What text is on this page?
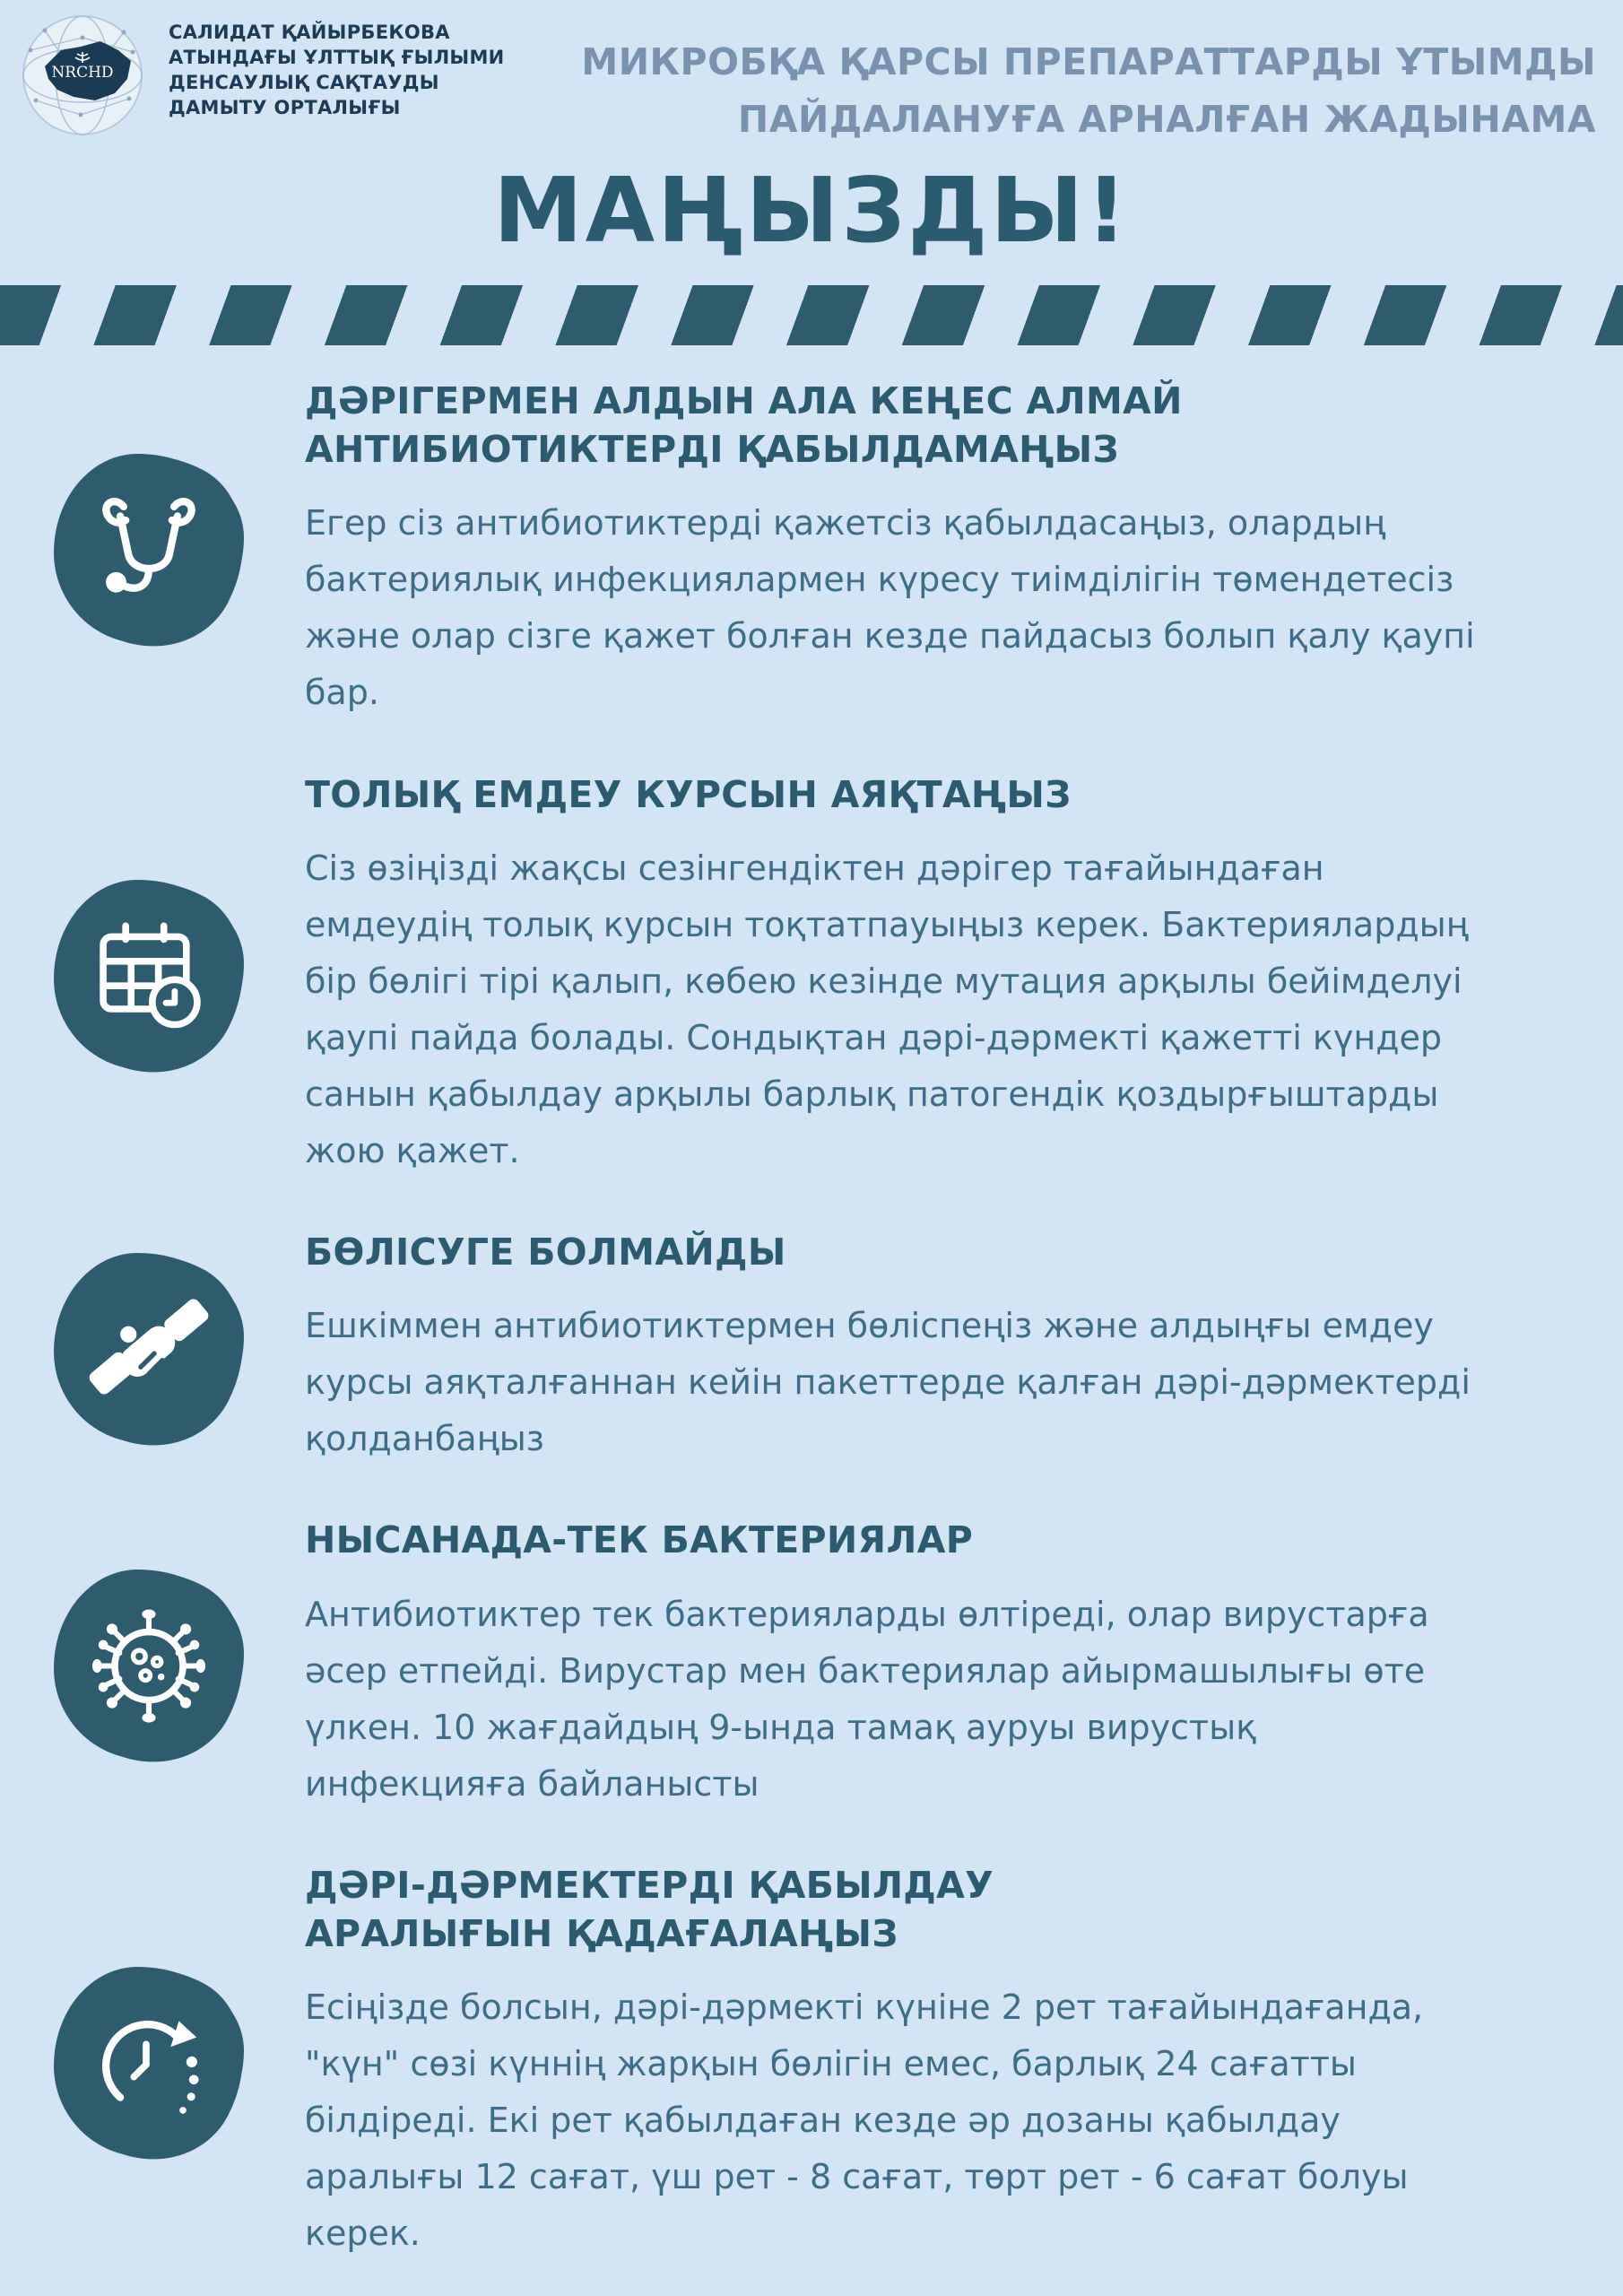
NRCHD
САЛИДАТ ҚАЙЫРБЕКОВА
АТЫНДАҒЫ ҰЛТТЫҚ ҒЫЛЫМИ
ДЕНСАУЛЫҚ САҚТАУДЫ
ДАМЫТУ ОРТАЛЫҒЫ
МИКРОБҚА ҚАРСЫ ПРЕПАРАТТАРДЫ ҰТЫМДЫ
ПАЙДАЛАНУҒА АРНАЛҒАН ЖАДЫНАМА
МАҢЫЗДЫ!
ДӘРІГЕРМЕН АЛДЫН АЛА КЕҢЕС АЛМАЙ АНТИБИОТИКТЕРДІ ҚАБЫЛДАМАҢЫЗ

Егер сіз антибиотиктерді қажетсіз қабылдасаңыз, олардың бактериялық инфекциялармен күресу тиімділігін төмендетесіз және олар сізге қажет болған кезде пайдасыз болып қалу қаупі бар.

ТОЛЫҚ ЕМДЕУ КУРСЫН АЯҚТАҢЫЗ

Сіз өзіңізді жақсы сезінгендіктен дәрігер тағайындаған емдеудің толық курсын тоқтатпауыңыз керек. Бактериялардың бір бөлігі тірі қалып, көбею кезінде мутация арқылы бейімделуі қаупі пайда болады. Сондықтан дәрі-дәрмекті қажетті күндер санын қабылдау арқылы барлық патогендік қоздырғыштарды жою қажет.

БӨЛІСУГЕ БОЛМАЙДЫ

Ешкіммен антибиотиктермен бөліспеңіз және алдыңғы емдеу курсы аяқталғаннан кейін пакеттерде қалған дәрі-дәрмектерді қолданбаңыз

НЫСАНАДА-ТЕК БАКТЕРИЯЛАР

Антибиотиктер тек бактерияларды өлтіреді, олар вирустарға әсер етпейді. Вирустар мен бактериялар айырмашылығы өте үлкен. 10 жағдайдың 9-ында тамақ ауруы вирустық инфекцияға байланысты

ДӘРІ-ДӘРМЕКТЕРДІ ҚАБЫЛДАУ АРАЛЫҒЫН ҚАДАҒАЛАҢЫЗ

Есіңізде болсын, дәрі-дәрмекті күніне 2 рет тағайындағанда, "күн" сөзі күннің жарқын бөлігін емес, барлық 24 сағатты білдіреді. Екі рет қабылдаған кезде әр дозаны қабылдау аралығы 12 сағат, үш рет - 8 сағат, төрт рет - 6 сағат болуы керек.
